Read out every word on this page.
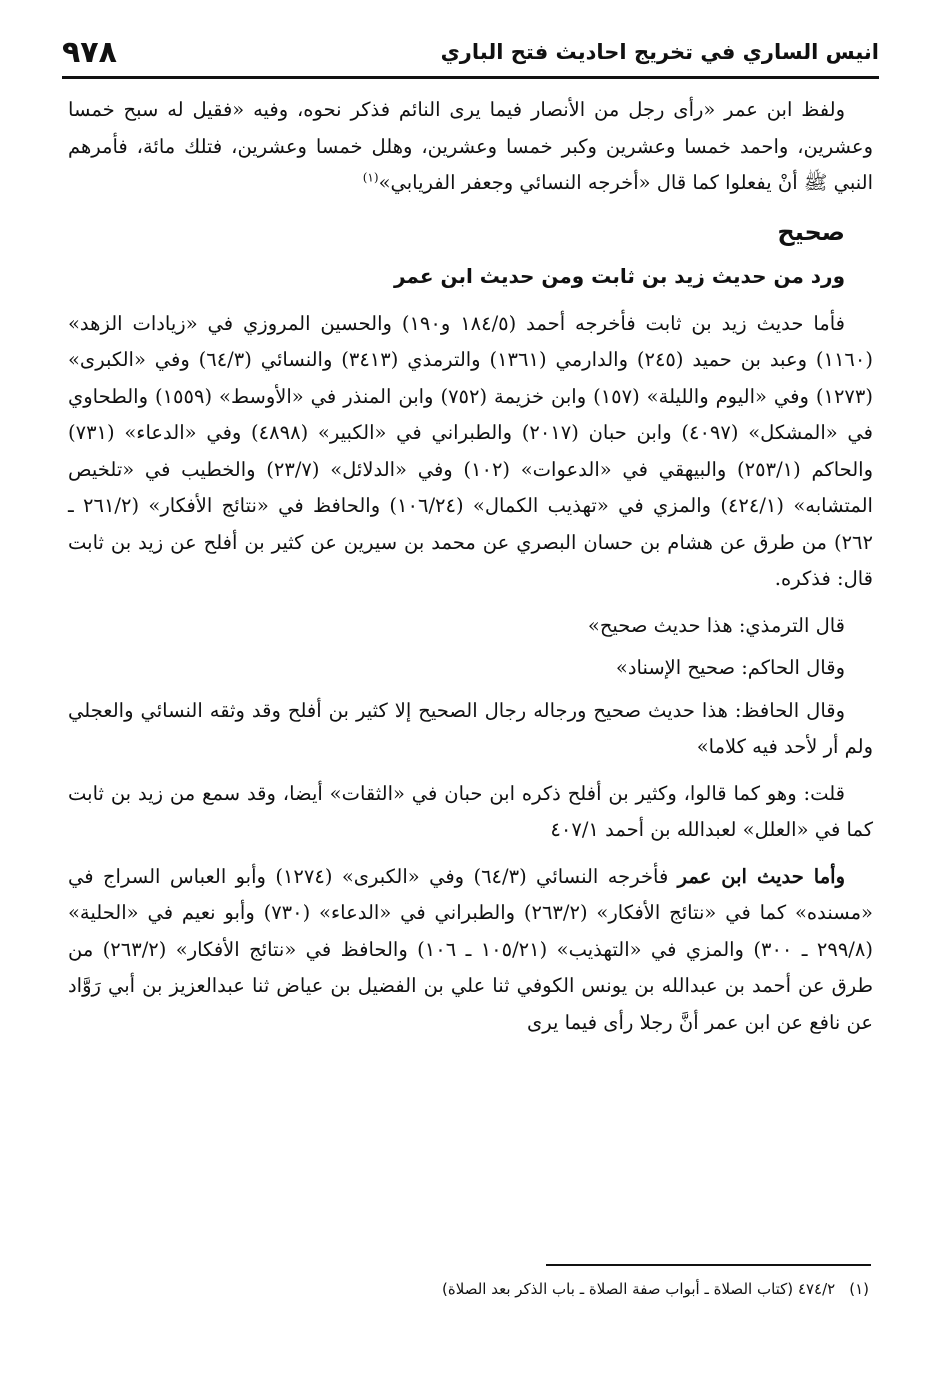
انيس الساري في تخريج احاديث فتح الباري
٩٧٨

ولفظ ابن عمر «رأى رجل من الأنصار فيما يرى النائم فذكر نحوه، وفيه «فقيل له سبح خمسا وعشرين، واحمد خمسا وعشرين وكبر خمسا وعشرين، وهلل خمسا وعشرين، فتلك مائة، فأمرهم النبي ﷺ أنْ يفعلوا كما قال «أخرجه النسائي وجعفر الفريابي»$^{(١)}$

صحيح
ورد من حديث زيد بن ثابت ومن حديث ابن عمر

فأما حديث زيد بن ثابت فأخرجه أحمد (١٨٤/٥ و١٩٠) والحسين المروزي في «زيادات الزهد» (١١٦٠) وعبد بن حميد (٢٤٥) والدارمي (١٣٦١) والترمذي (٣٤١٣) والنسائي (٦٤/٣) وفي «الكبرى» (١٢٧٣) وفي «اليوم والليلة» (١٥٧) وابن خزيمة (٧٥٢) وابن المنذر في «الأوسط» (١٥٥٩) والطحاوي في «المشكل» (٤٠٩٧) وابن حبان (٢٠١٧) والطبراني في «الكبير» (٤٨٩٨) وفي «الدعاء» (٧٣١) والحاكم (٢٥٣/١) والبيهقي في «الدعوات» (١٠٢) وفي «الدلائل» (٢٣/٧) والخطيب في «تلخيص المتشابه» (٤٢٤/١) والمزي في «تهذيب الكمال» (١٠٦/٢٤) والحافظ في «نتائج الأفكار» (٢٦١/٢ ـ ٢٦٢) من طرق عن هشام بن حسان البصري عن محمد بن سيرين عن كثير بن أفلح عن زيد بن ثابت قال: فذكره.

قال الترمذي: هذا حديث صحيح»

وقال الحاكم: صحيح الإسناد»

وقال الحافظ: هذا حديث صحيح ورجاله رجال الصحيح إلا كثير بن أفلح وقد وثقه النسائي والعجلي ولم أر لأحد فيه كلاما»

قلت: وهو كما قالوا، وكثير بن أفلح ذكره ابن حبان في «الثقات» أيضا، وقد سمع من زيد بن ثابت كما في «العلل» لعبدالله بن أحمد ٤٠٧/١

وأما حديث ابن عمر فأخرجه النسائي (٦٤/٣) وفي «الكبرى» (١٢٧٤) وأبو العباس السراج في «مسنده» كما في «نتائج الأفكار» (٢٦٣/٢) والطبراني في «الدعاء» (٧٣٠) وأبو نعيم في «الحلية» (٢٩٩/٨ ـ ٣٠٠) والمزي في «التهذيب» (١٠٥/٢١ ـ ١٠٦) والحافظ في «نتائج الأفكار» (٢٦٣/٢) من طرق عن أحمد بن عبدالله بن يونس الكوفي ثنا علي بن الفضيل بن عياض ثنا عبدالعزيز بن أبي رَوَّاد عن نافع عن ابن عمر أنَّ رجلا رأى فيما يرى

(١)٤٧٤/٢ (كتاب الصلاة ـ أبواب صفة الصلاة ـ باب الذكر بعد الصلاة)
